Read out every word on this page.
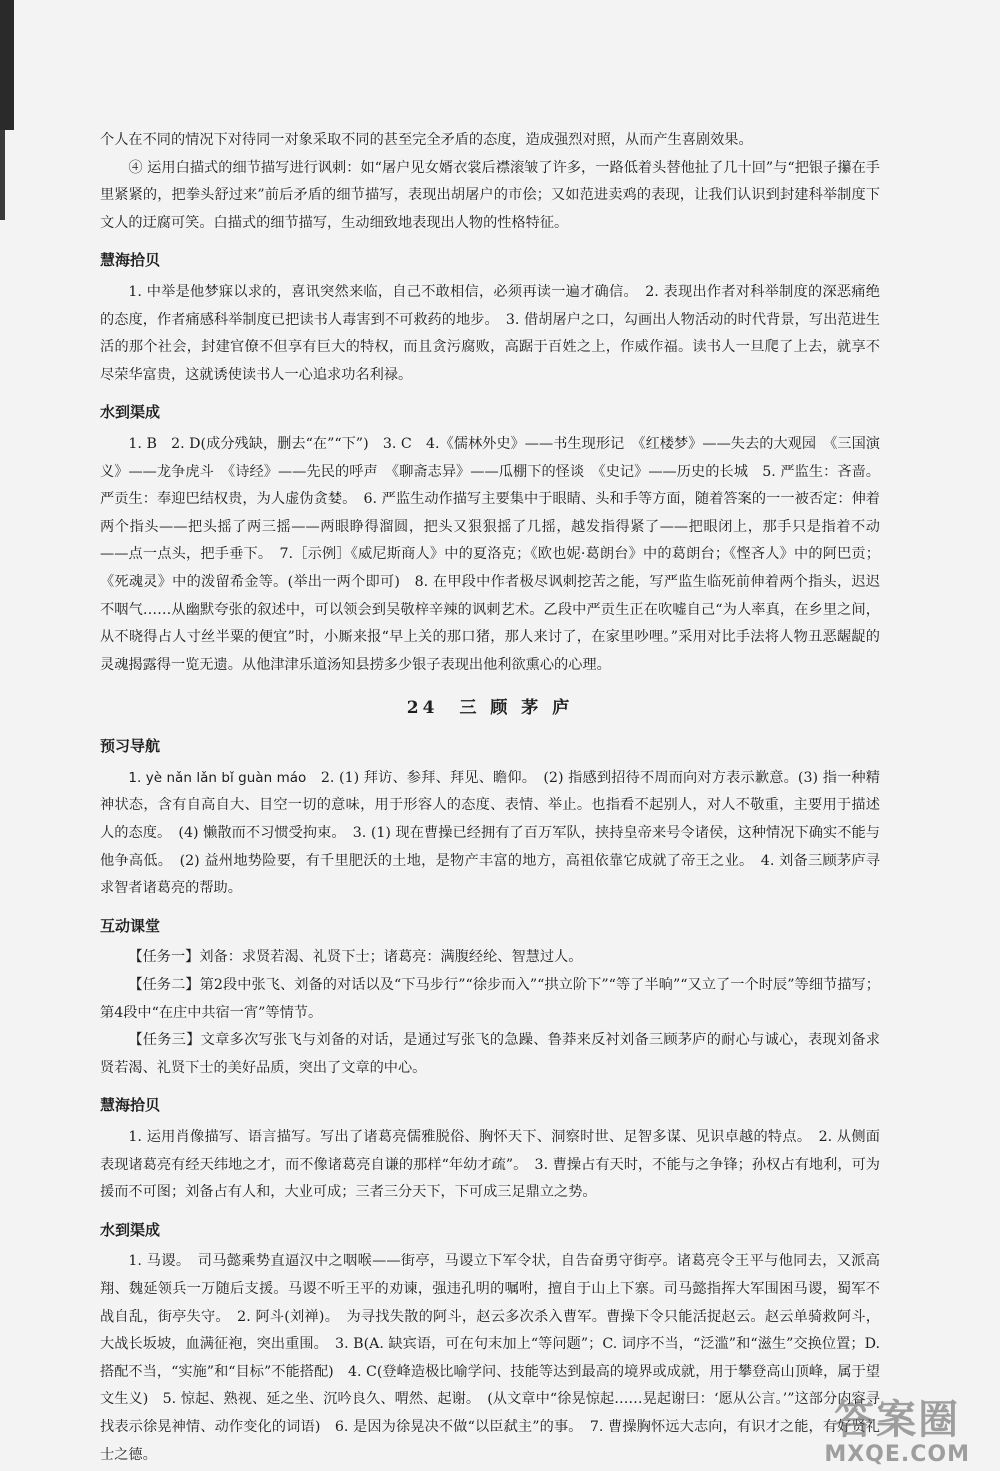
个人在不同的情况下对待同一对象采取不同的甚至完全矛盾的态度，造成强烈对照，从而产生喜剧效果。

④ 运用白描式的细节描写进行讽刺：如“屠户见女婿衣裳后襟滚皱了许多，一路低着头替他扯了几十回”与“把银子攥在手里紧紧的，把拳头舒过来”前后矛盾的细节描写，表现出胡屠户的市侩；又如范进卖鸡的表现，让我们认识到封建科举制度下文人的迂腐可笑。白描式的细节描写，生动细致地表现出人物的性格特征。

慧海拾贝

1. 中举是他梦寐以求的，喜讯突然来临，自己不敢相信，必须再读一遍才确信。　2. 表现出作者对科举制度的深恶痛绝的态度，作者痛感科举制度已把读书人毒害到不可救药的地步。　3. 借胡屠户之口，勾画出人物活动的时代背景，写出范进生活的那个社会，封建官僚不但享有巨大的特权，而且贪污腐败，高踞于百姓之上，作威作福。读书人一旦爬了上去，就享不尽荣华富贵，这就诱使读书人一心追求功名利禄。

水到渠成

1. B　2. D(成分残缺，删去“在”“下”)　3. C　4.《儒林外史》——书生现形记　《红楼梦》——失去的大观园　《三国演义》——龙争虎斗　《诗经》——先民的呼声　《聊斋志异》——瓜棚下的怪谈　《史记》——历史的长城　5. 严监生：吝啬。严贡生：奉迎巴结权贵，为人虚伪贪婪。　6. 严监生动作描写主要集中于眼睛、头和手等方面，随着答案的一一被否定：伸着两个指头——把头摇了两三摇——两眼睁得溜圆，把头又狠狠摇了几摇，越发指得紧了——把眼闭上，那手只是指着不动——点一点头，把手垂下。　7.［示例］《威尼斯商人》中的夏洛克；《欧也妮·葛朗台》中的葛朗台；《悭吝人》中的阿巴贡；《死魂灵》中的泼留希金等。(举出一两个即可)　8. 在甲段中作者极尽讽刺挖苦之能，写严监生临死前伸着两个指头，迟迟不咽气……从幽默夸张的叙述中，可以领会到吴敬梓辛辣的讽刺艺术。乙段中严贡生正在吹嘘自己“为人率真，在乡里之间，从不晓得占人寸丝半粟的便宜”时，小厮来报“早上关的那口猪，那人来讨了，在家里吵哩。”采用对比手法将人物丑恶龌龊的灵魂揭露得一览无遗。从他津津乐道汤知县捞多少银子表现出他利欲熏心的心理。

24　三 顾 茅 庐
预习导航

1. yè nǎn lǎn bǐ guàn máo　2. (1) 拜访、参拜、拜见、瞻仰。　(2) 指感到招待不周而向对方表示歉意。(3) 指一种精神状态，含有自高自大、目空一切的意味，用于形容人的态度、表情、举止。也指看不起别人，对人不敬重，主要用于描述人的态度。　(4) 懒散而不习惯受拘束。　3. (1) 现在曹操已经拥有了百万军队，挟持皇帝来号令诸侯，这种情况下确实不能与他争高低。　(2) 益州地势险要，有千里肥沃的土地，是物产丰富的地方，高祖依靠它成就了帝王之业。　4. 刘备三顾茅庐寻求智者诸葛亮的帮助。

互动课堂

【任务一】刘备：求贤若渴、礼贤下士；诸葛亮：满腹经纶、智慧过人。

【任务二】第2段中张飞、刘备的对话以及“下马步行”“徐步而入”“拱立阶下”“等了半晌”“又立了一个时辰”等细节描写；第4段中“在庄中共宿一宵”等情节。

【任务三】文章多次写张飞与刘备的对话，是通过写张飞的急躁、鲁莽来反衬刘备三顾茅庐的耐心与诚心，表现刘备求贤若渴、礼贤下士的美好品质，突出了文章的中心。

慧海拾贝

1. 运用肖像描写、语言描写。写出了诸葛亮儒雅脱俗、胸怀天下、洞察时世、足智多谋、见识卓越的特点。　2. 从侧面表现诸葛亮有经天纬地之才，而不像诸葛亮自谦的那样“年幼才疏”。　3. 曹操占有天时，不能与之争锋；孙权占有地利，可为援而不可图；刘备占有人和，大业可成；三者三分天下，下可成三足鼎立之势。

水到渠成

1. 马谡。　司马懿乘势直逼汉中之咽喉——街亭，马谡立下军令状，自告奋勇守街亭。诸葛亮令王平与他同去，又派高翔、魏延领兵一万随后支援。马谡不听王平的劝谏，强违孔明的嘱咐，擅自于山上下寨。司马懿指挥大军围困马谡，蜀军不战自乱，街亭失守。　2. 阿斗(刘禅)。　为寻找失散的阿斗，赵云多次杀入曹军。曹操下令只能活捉赵云。赵云单骑救阿斗，大战长坂坡，血满征袍，突出重围。　3. B(A. 缺宾语，可在句末加上“等问题”；C. 词序不当，“泛滥”和“滋生”交换位置；D. 搭配不当，“实施”和“目标”不能搭配)　4. C(登峰造极比喻学问、技能等达到最高的境界或成就，用于攀登高山顶峰，属于望文生义)　5. 惊起、熟视、延之坐、沉吟良久、喟然、起谢。　(从文章中“徐晃惊起……晃起谢曰：‘愿从公言。’”这部分内容寻找表示徐晃神情、动作变化的词语)　6. 是因为徐晃决不做“以臣弑主”的事。　7. 曹操胸怀远大志向，有识才之能，有好贤礼士之德。

答案圈
MXQE.COM
